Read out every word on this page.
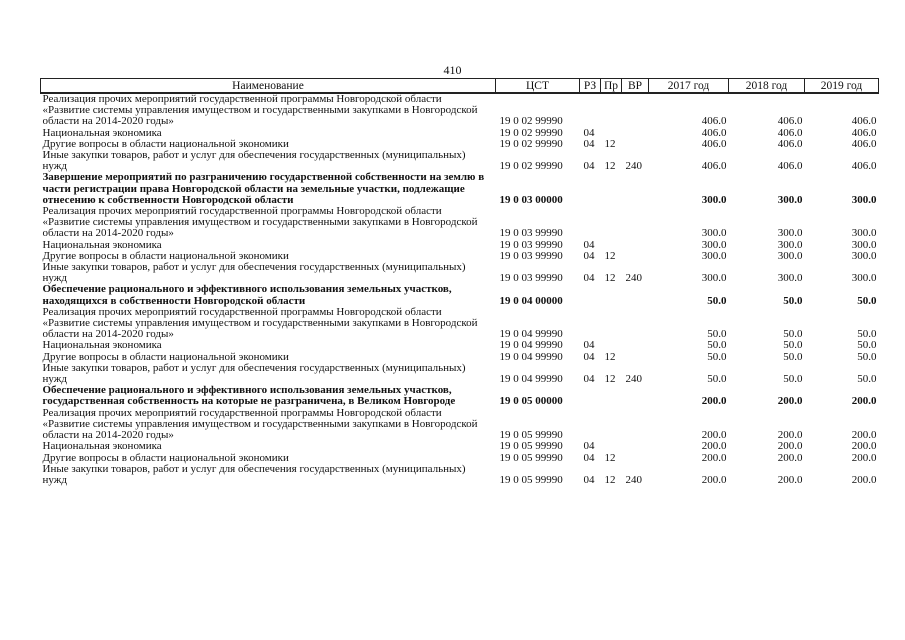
410
Наименование	ЦСТ	РЗ	Пр	ВР	2017 год	2018 год	2019 год
Реализация прочих мероприятий государственной программы Новгородской области «Развитие системы управления имуществом и государственными закупками в Новгородской области на 2014-2020 годы»	19 0 02 99990				406.0	406.0	406.0
Национальная экономика	19 0 02 99990	04			406.0	406.0	406.0
Другие вопросы в области национальной экономики	19 0 02 99990	04	12		406.0	406.0	406.0
Иные закупки товаров, работ и услуг для обеспечения государственных (муниципальных) нужд	19 0 02 99990	04	12	240	406.0	406.0	406.0
Завершение мероприятий по разграничению государственной собственности на землю в части регистрации права Новгородской области на земельные участки, подлежащие отнесению к собственности Новгородской области	19 0 03 00000				300.0	300.0	300.0
Реализация прочих мероприятий государственной программы Новгородской области «Развитие системы управления имуществом и государственными закупками в Новгородской области на 2014-2020 годы»	19 0 03 99990				300.0	300.0	300.0
Национальная экономика	19 0 03 99990	04			300.0	300.0	300.0
Другие вопросы в области национальной экономики	19 0 03 99990	04	12		300.0	300.0	300.0
Иные закупки товаров, работ и услуг для обеспечения государственных (муниципальных) нужд	19 0 03 99990	04	12	240	300.0	300.0	300.0
Обеспечение рационального и эффективного использования земельных участков, находящихся в собственности Новгородской области	19 0 04 00000				50.0	50.0	50.0
Реализация прочих мероприятий государственной программы Новгородской области «Развитие системы управления имуществом и государственными закупками в Новгородской области на 2014-2020 годы»	19 0 04 99990				50.0	50.0	50.0
Национальная экономика	19 0 04 99990	04			50.0	50.0	50.0
Другие вопросы в области национальной экономики	19 0 04 99990	04	12		50.0	50.0	50.0
Иные закупки товаров, работ и услуг для обеспечения государственных (муниципальных) нужд	19 0 04 99990	04	12	240	50.0	50.0	50.0
Обеспечение рационального и эффективного использования земельных участков, государственная собственность на которые не разграничена, в Великом Новгороде	19 0 05 00000				200.0	200.0	200.0
Реализация прочих мероприятий государственной программы Новгородской области «Развитие системы управления имуществом и государственными закупками в Новгородской области на 2014-2020 годы»	19 0 05 99990				200.0	200.0	200.0
Национальная экономика	19 0 05 99990	04			200.0	200.0	200.0
Другие вопросы в области национальной экономики	19 0 05 99990	04	12		200.0	200.0	200.0
Иные закупки товаров, работ и услуг для обеспечения государственных (муниципальных) нужд	19 0 05 99990	04	12	240	200.0	200.0	200.0
